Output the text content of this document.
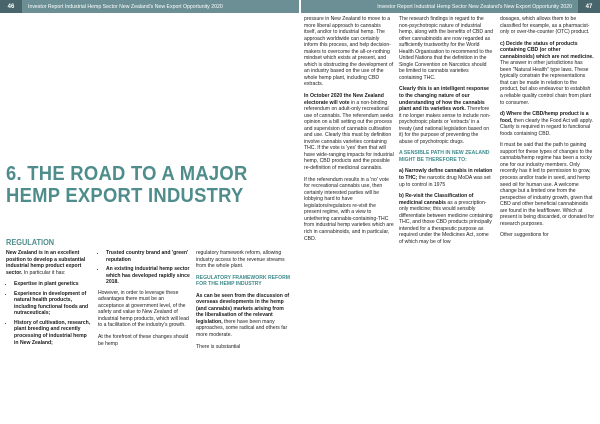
46	Investor Report Industrial Hemp Sector New Zealand's New Export Opportunity 2020	Investor Report Industrial Hemp Sector New Zealand's New Export Opportunity 2020	47
6. THE ROAD TO A MAJOR HEMP EXPORT INDUSTRY
REGULATION

New Zealand is in an excellent position to develop a substantial industrial hemp product export sector. In particular it has:

• Expertise in plant genetics
• Experience in development of natural health products, including functional foods and nutraceuticals;
• History of cultivation, research, plant breeding and recently processing of industrial hemp in New Zealand;
• Trusted country brand and 'green' reputation
• An existing industrial hemp sector which has developed rapidly since 2018.

However, in order to leverage these advantages there must be an acceptance at government level, of the safety and value to New Zealand of industrial hemp products, which will lead to a facilitation of the industry's growth.

At the forefront of these changes should be hemp

regulatory framework reform, allowing industry access to the revenue streams from the whole plant.

REGULATORY FRAMEWORK REFORM FOR THE HEMP INDUSTRY

As can be seen from the discussion of overseas developments in the hemp (and cannabis) markets arising from the liberalisation of the relevant legislation, there have been many approaches, some radical and others far more moderate.

There is substantial

pressure in New Zealand to move to a more liberal approach to cannabis itself, and/or to industrial hemp. The approach worldwide can certainly inform this process, and help decision-makers to overcome the all-or-nothing mindset which exists at present, and which is obstructing the development of an industry based on the use of the whole hemp plant, including CBD extracts.

In October 2020 the New Zealand electorate will vote in a non-binding referendum on adult-only recreational use of cannabis. The referendum seeks opinion on a bill setting out the process and supervision of cannabis cultivation and use. Clearly this must by definition involve cannabis varieties containing THC. If the vote is 'yes' then that will have wide-ranging impacts for industrial hemp, CBD products and the possible re-definition of medicinal cannabis.

If the referendum results in a 'no' vote for recreational cannabis use, then certainly interested parties will be lobbying hard to have legislators/regulators re-visit the present regime, with a view to untethering cannabis-containing-THC from industrial hemp varieties which are rich in cannabinoids, and in particular, CBD.

The research findings in regard to the non-psychotropic nature of industrial hemp, along with the benefits of CBD and other cannabinoids are now regarded as sufficiently trustworthy for the World Health Organisation to recommend to the United Nations that the definition in the Single Convention on Narcotics should be limited to cannabis varieties containing THC.

Clearly this is an intelligent response to the changing nature of our understanding of how the cannabis plant and its varieties work. Therefore it no longer makes sense to include non-psychotropic plants or 'extracts' in a treaty (and national legislation based on it) for the purpose of preventing the abuse of psychotropic drugs.

A SENSIBLE PATH IN NEW ZEALAND MIGHT BE THEREFORE TO:

a) Narrowly define cannabis in relation to THC; the narcotic drug MoDA was set up to control in 1975

b) Re-visit the Classification of medicinal cannabis as a prescription-only medicine; this would sensibly differentiate between medicine containing THC, and those CBD products principally intended for a therapeutic purpose as required under the Medicines Act, some of which may be of low

dosages, which allows them to be classified for example, as a pharmacist-only or over-the-counter (OTC) product.

c) Decide the status of products containing CBD (or other cannabinoids) which are not medicine. The answer in other jurisdictions has been "Natural Health" type laws. These typically constrain the representations that can be made in relation to the product, but also endeavour to establish a reliable quality control chain from plant to consumer.

d) Where the CBD/hemp product is a food, then clearly the Food Act will apply. Clarity is required in regard to functional foods containing CBD.

It must be said that the path to gaining support for these types of changes to the cannabis/hemp regime has been a rocky one for our industry members. Only recently has it led to permission to grow, process and/or trade in seed, and hemp seed oil for human use. A welcome change but a limited one from the perspective of industry growth, given that CBD and other beneficial cannabinoids are found in the leaf/flower. Which at present is being discarded, or donated for research purposes.

Other suggestions for
